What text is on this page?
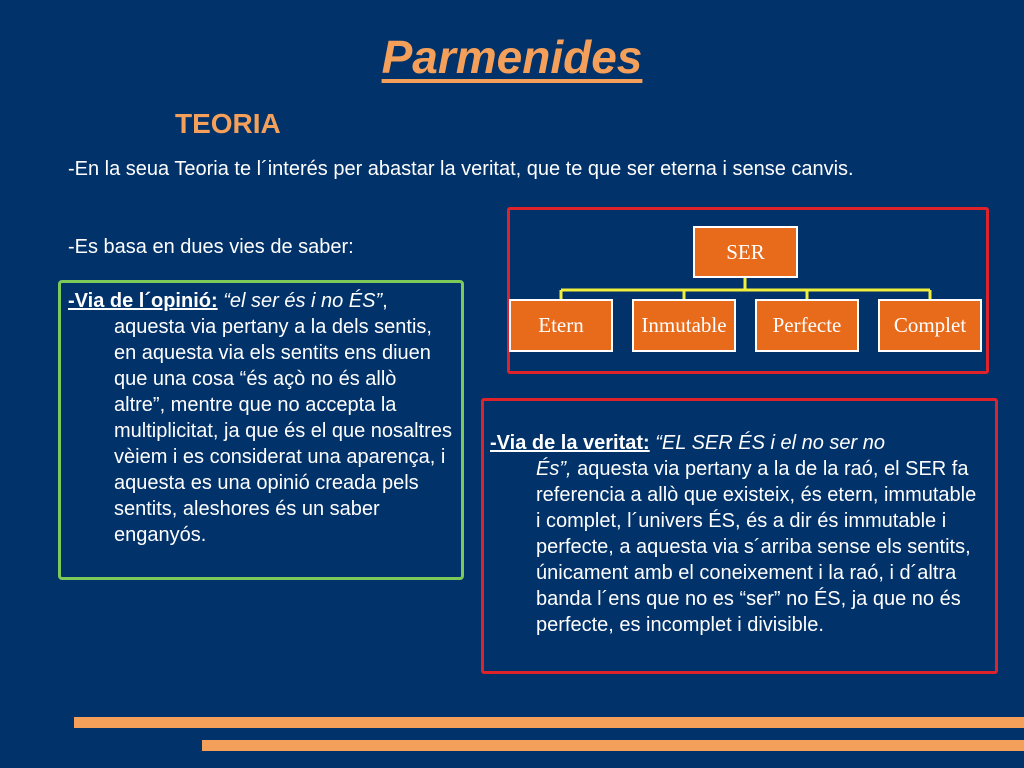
Parmenides
TEORIA
-En la seua Teoria te l´interés per abastar la veritat, que te que ser eterna i sense canvis.
-Es basa en dues vies de saber:
-Via de l´opinió: “el ser és i no ÉS”,
aquesta via pertany a la dels sentis, en aquesta via els sentits ens diuen que una cosa “és açò no és allò altre”, mentre que no accepta la multiplicitat, ja que és el que nosaltres vèiem i es considerat una aparença, i aquesta es una opinió creada pels sentits, aleshores és un saber enganyós.
SER
Etern	Inmutable	Perfecte	Complet
-Via de la veritat: “EL SER ÉS i el no ser no
És”, aquesta via pertany a la de la raó, el SER fa referencia a allò que existeix, és etern, immutable i complet, l´univers ÉS, és a dir és immutable i perfecte, a aquesta via s´arriba sense els sentits, únicament amb el coneixement i la raó, i d´altra banda l´ens que no es “ser” no ÉS, ja que no és perfecte, es incomplet i divisible.
